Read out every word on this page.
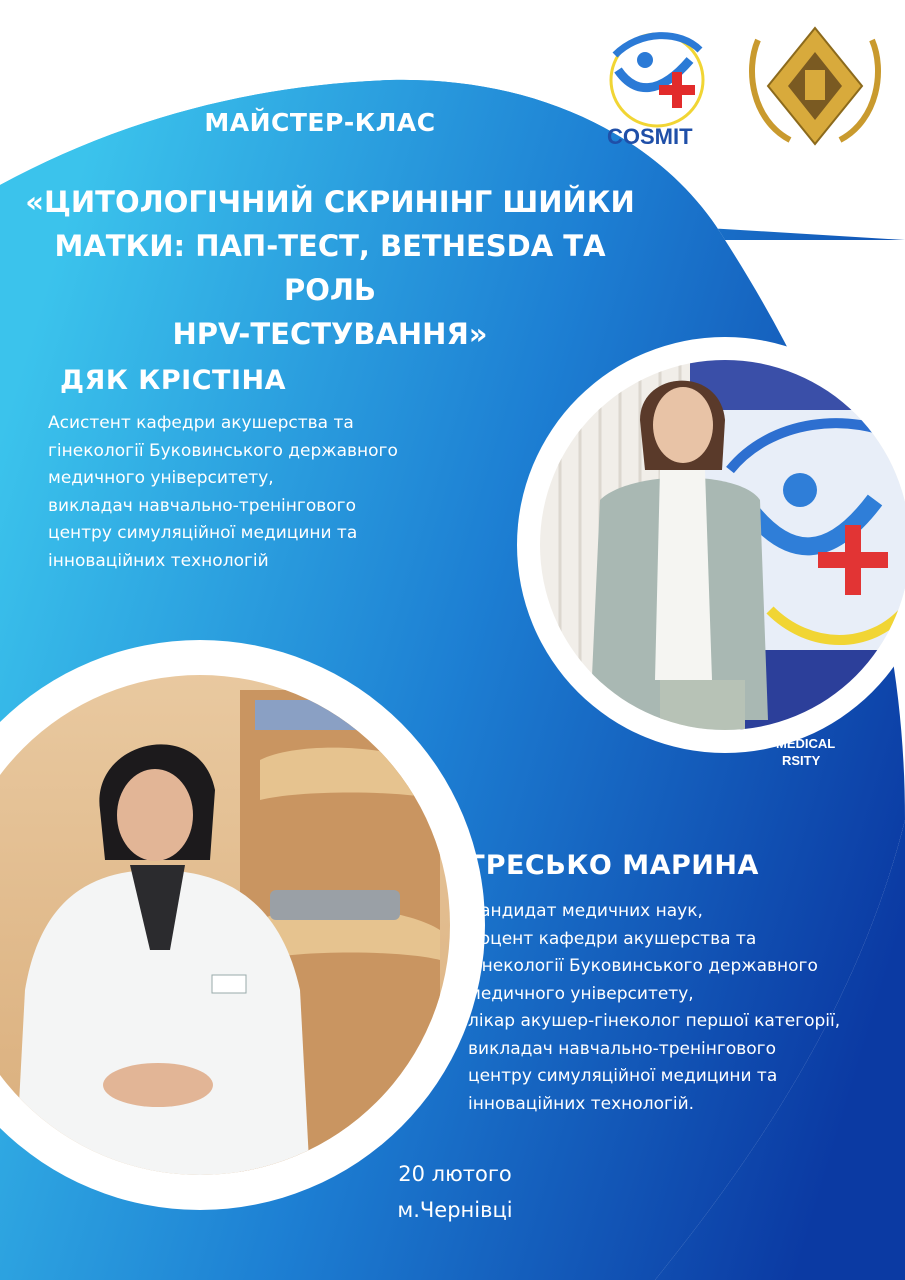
COSMIT
NIAN
MEDICAL
RSITY
МАЙСТЕР-КЛАС
«ЦИТОЛОГІЧНИЙ СКРИНІНГ ШИЙКИ
МАТКИ: ПАП-ТЕСТ, BETHESDA ТА РОЛЬ
HPV-ТЕСТУВАННЯ»
ДЯК КРІСТІНА
Асистент кафедри акушерства та
гінекології Буковинського державного
медичного університету,
викладач навчально-тренінгового
центру симуляційної медицини та
інноваційних технологій
ГРЕСЬКО МАРИНА
Кандидат медичних наук,
доцент кафедри акушерства та
гінекології Буковинського державного
медичного університету,
лікар акушер-гінеколог першої категорії,
викладач навчально-тренінгового
центру симуляційної медицини та
інноваційних технологій.
20 лютого
м.Чернівці
